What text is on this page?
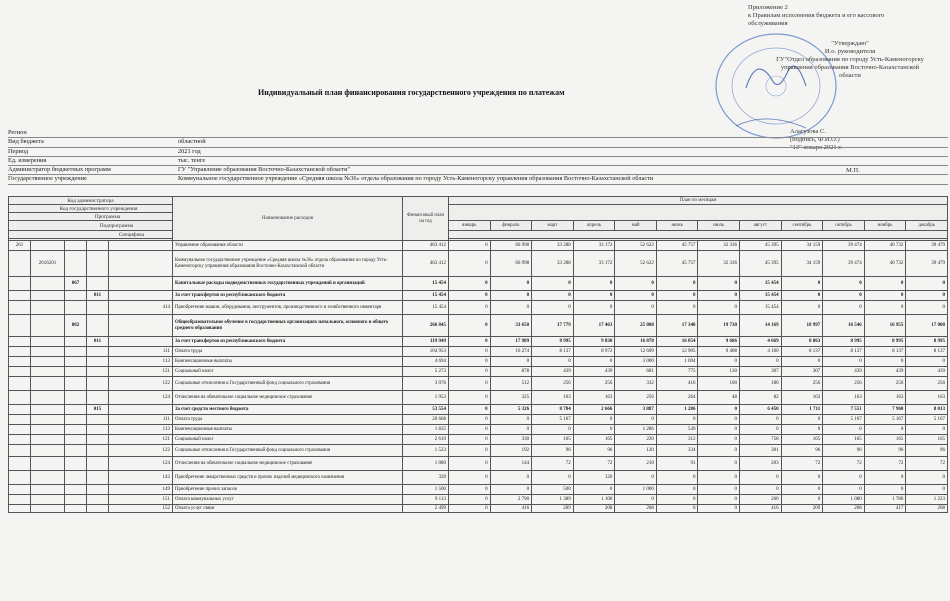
Приложение 2
к Правилам исполнения бюджета и его кассового
обслуживания
"Утверждаю"
И.о. руководителя
ГУ"Отдел образования по городу Усть-Каменогорску
управления образования Восточно-Казахстанской
области
Алагузова С.
(подпись, Ф.И.О.)
"13" января 2021 г.
М.П.
Индивидуальный план финансирования государственного учреждения по платежам
Регион
Вид бюджета	областной
Период	2021 год
Ед. измерения	тыс. тенге
Администратор бюджетных программ	ГУ "Управление образования Восточно-Казахстанской области"
Государственное учреждение	Коммунальное государственное учреждение «Средняя школа №36» отдела образования по городу Усть-Каменогорску управления образования Восточно-Казахстанской области
Код администратора					Наименование расходов	Финансовый план на год	План по месяцам											
Код государственного учреждения																		
Программа																		
Подпрограмма							январь	февраль	март	апрель	май	июнь	июль	август	сентябрь	октябрь	ноябрь	декабрь
Специфика																		

261					Управление образования области	463 412	0	66 998	33 288	33 172	52 622	45 757	32 336	45 395	34 159	39 474	40 732	39 479
	2616201				Коммунальное государственное учреждение «Средняя школа №36» отдела образования по городу Усть-Каменогорску управления образования Восточно-Казахстанской области	463 412	0	66 998	33 288	33 172	52 622	45 757	32 336	45 395	34 159	39 474	40 732	39 479
		067			Капитальные расходы подведомственных государственных учреждений и организаций	15 454	0	0	0	0	0	0	0	15 454	0	0	0	0
			011		За счет трансфертов из республиканского бюджета	15 454	0	0	0	0	0	0	0	15 454	0	0	0	0
				414	Приобретение машин, оборудования, инструментов, производственного и хозяйственного инвентаря	15 454	0	0	0	0	0	0	0	15 454	0	0	0	0
		082			Общеобразовательное обучение в государственных организациях начального, основного и общего среднего образования	266 845	0	33 650	17 779	17 463	25 008	17 340	19 730	14 169	10 997	16 546	16 955	17 008
			011		За счет трансфертов из республиканского бюджета	119 949	0	17 989	8 995	9 830	16 878	16 054	9 686	4 669	8 863	8 995	8 995	8 995
				111	Оплата труда	104 953	0	16 274	8 137	8 972	12 609	12 905	9 408	4 100	8 137	8 137	8 137	8 137
				113	Компенсационные выплаты	4 694	0	0	0	0	3 000	1 694	0	0	0	0	0	0
				121	Социальный налог	5 273	0	878	439	439	681	775	130	307	307	439	439	439
				122	Социальные отчисления в Государственный фонд социального страхования	3 076	0	512	256	256	332	416	100	180	256	256	256	256
				124	Отчисления на обязательное социальное медицинское страхование	1 953	0	325	163	163	256	264	48	82	163	163	163	163
			015		За счет средств местного бюджета	53 554	0	5 326	8 784	2 666	3 887	1 286	0	6 450	1 711	7 551	7 960	8 013
				111	Оплата труда	20 668	0	0	5 167	0	0	0	0	0	0	5 167	5 167	5 167
				113	Компенсационные выплаты	1 835	0	0	0	0	1 286	549	0	0	0	0	0	0
				121	Социальный налог	2 610	0	330	165	165	220	312	0	758	165	165	165	165
				122	Социальные отчисления в Государственный фонд социального страхования	1 523	0	192	96	96	120	334	0	301	96	96	96	96
				124	Отчисления на обязательное социальное медицинское страхование	1 080	0	144	72	72	210	91	0	203	72	72	72	72
				142	Приобретение лекарственных средств и прочих изделий медицинского назначения	320	0	0	0	120	0	0	0	0	0	0	0	0
				149	Приобретение прочих запасов	1 500	0	0	500	0	1 000	0	0	0	0	0	0	0
				151	Оплата коммунальных услуг	9 113	0	2 790	1 389	1 100	0	0	0	260	0	1 080	1 780	1 223
				152	Оплата услуг связи	2 499	0	416	209	208	208	0	0	416	209	208	417	208
